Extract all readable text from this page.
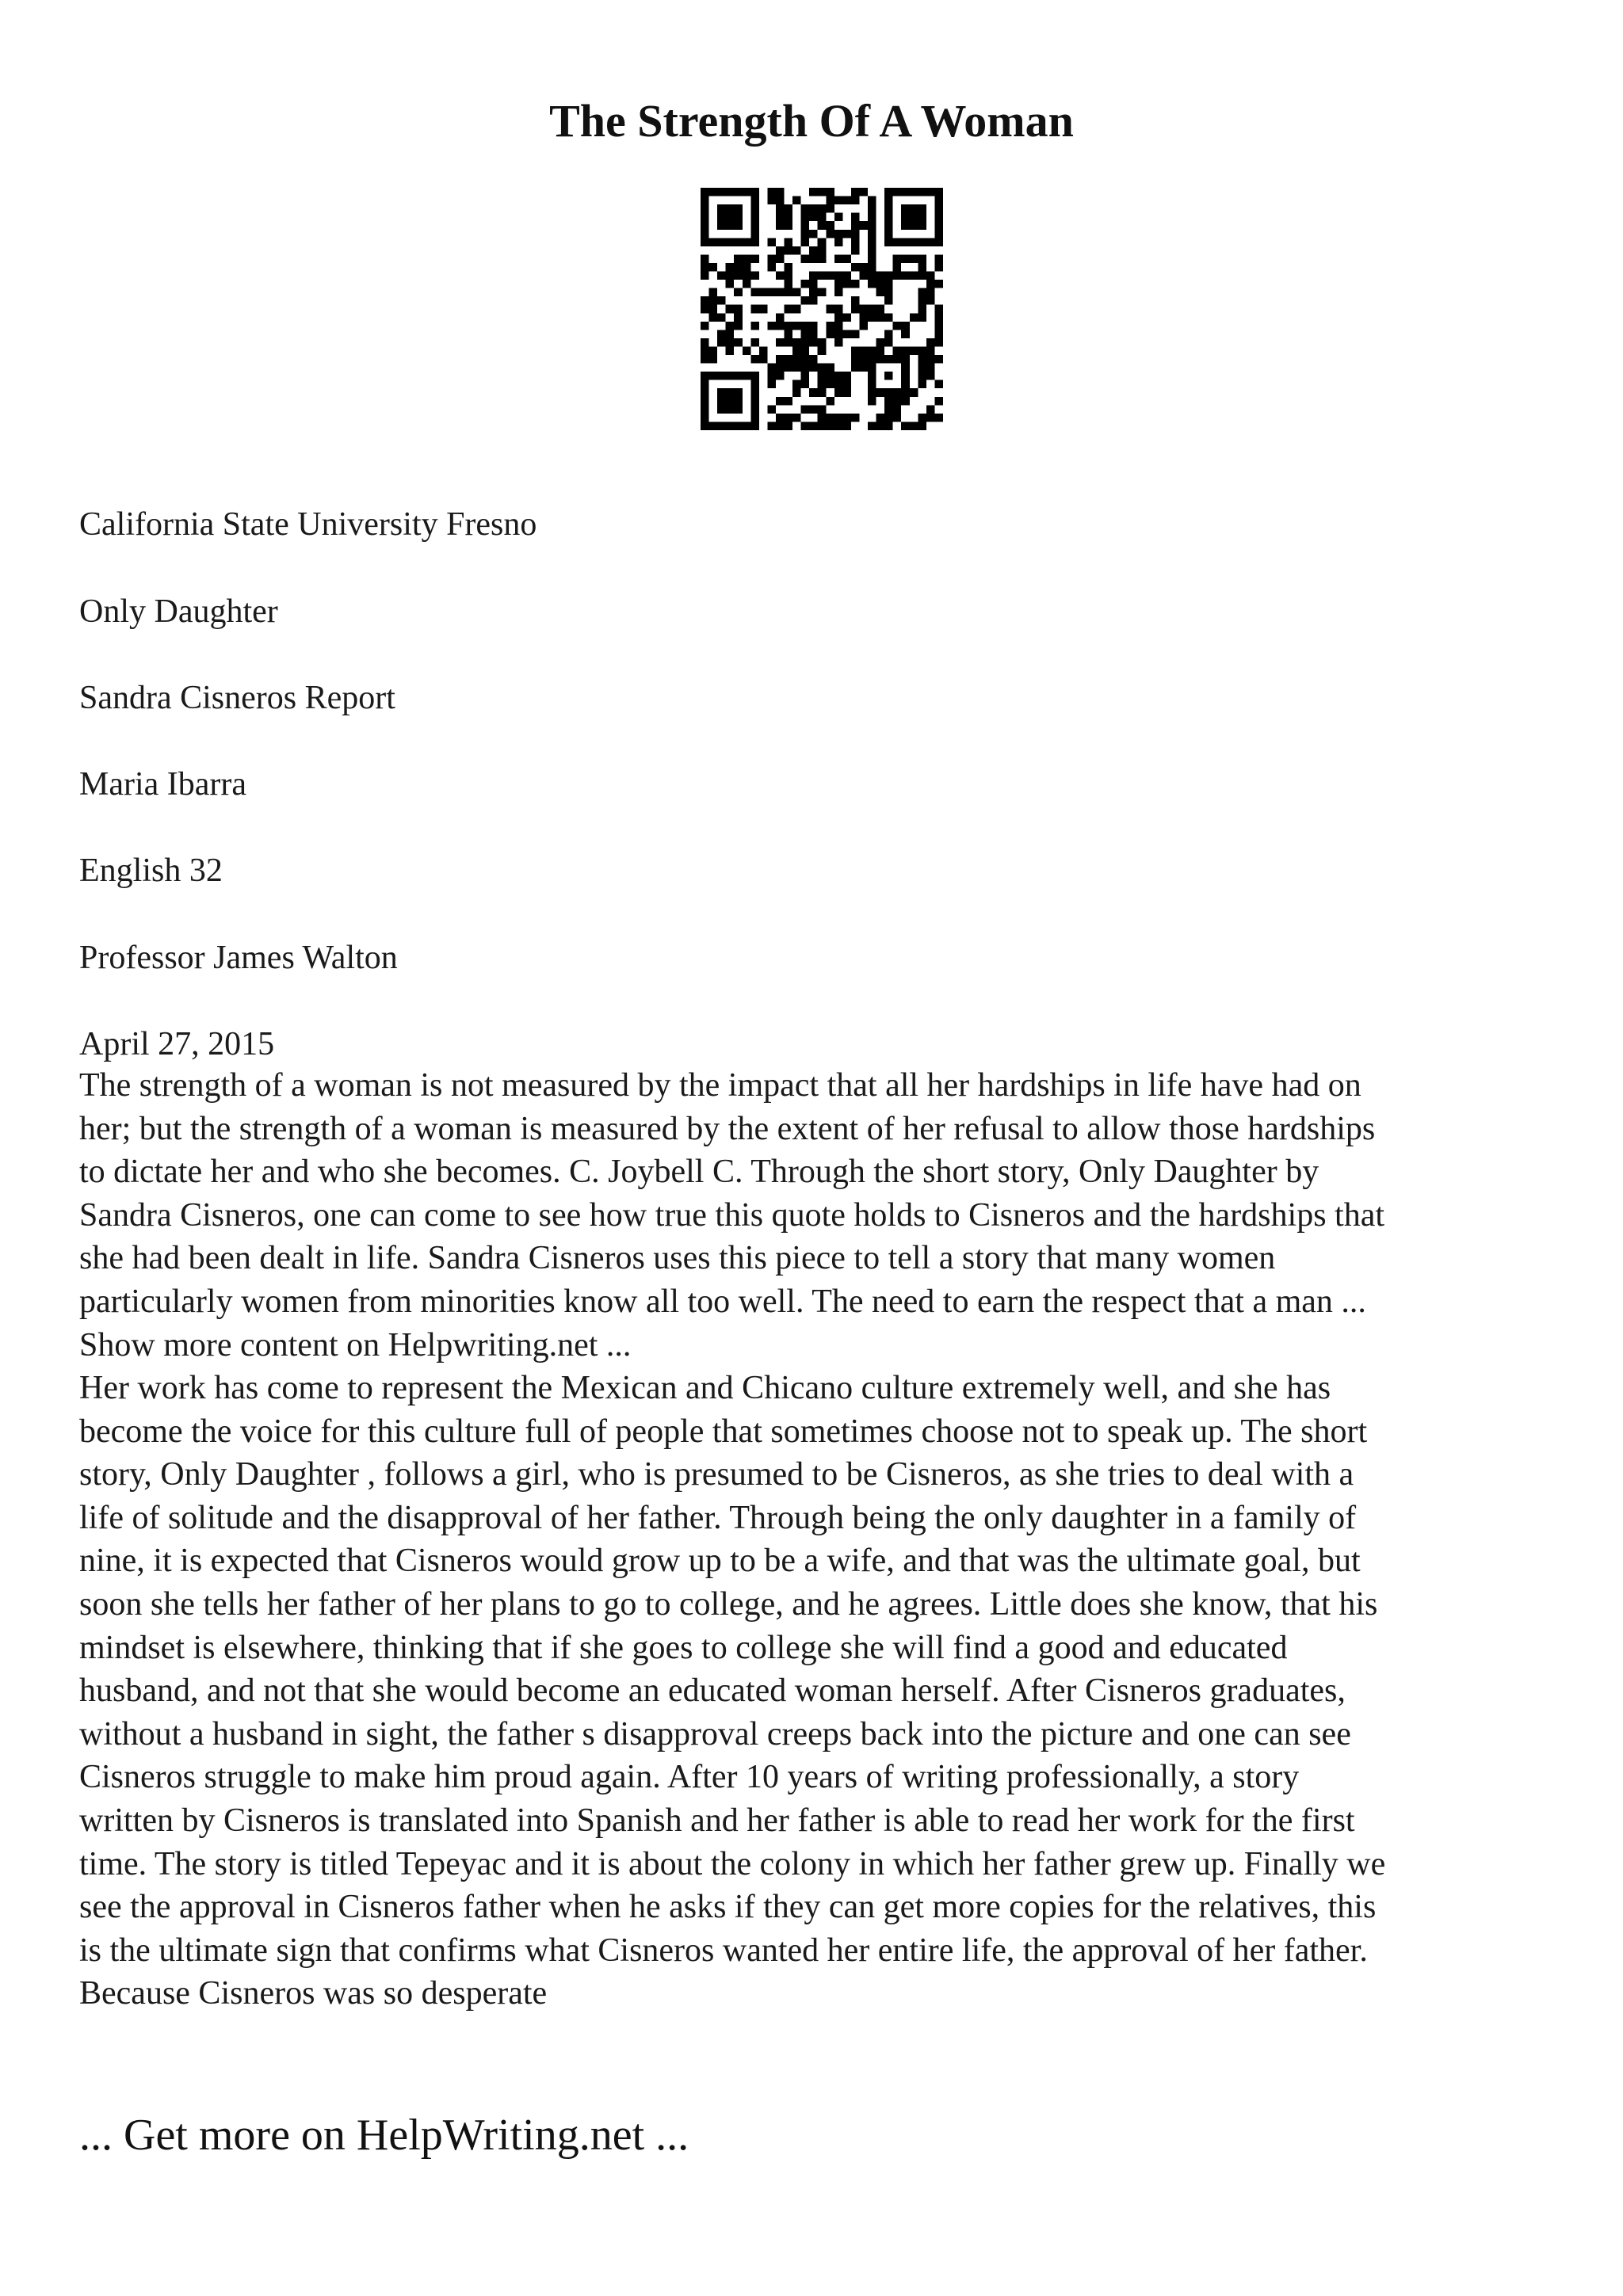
The Strength Of A Woman

California State University Fresno

Only Daughter

Sandra Cisneros Report

Maria Ibarra

English 32

Professor James Walton

April 27, 2015

The strength of a woman is not measured by the impact that all her hardships in life have had on
her; but the strength of a woman is measured by the extent of her refusal to allow those hardships
to dictate her and who she becomes. C. Joybell C. Through the short story, Only Daughter by
Sandra Cisneros, one can come to see how true this quote holds to Cisneros and the hardships that
she had been dealt in life. Sandra Cisneros uses this piece to tell a story that many women
particularly women from minorities know all too well. The need to earn the respect that a man ...
Show more content on Helpwriting.net ...
Her work has come to represent the Mexican and Chicano culture extremely well, and she has
become the voice for this culture full of people that sometimes choose not to speak up. The short
story, Only Daughter , follows a girl, who is presumed to be Cisneros, as she tries to deal with a
life of solitude and the disapproval of her father. Through being the only daughter in a family of
nine, it is expected that Cisneros would grow up to be a wife, and that was the ultimate goal, but
soon she tells her father of her plans to go to college, and he agrees. Little does she know, that his
mindset is elsewhere, thinking that if she goes to college she will find a good and educated
husband, and not that she would become an educated woman herself. After Cisneros graduates,
without a husband in sight, the father s disapproval creeps back into the picture and one can see
Cisneros struggle to make him proud again. After 10 years of writing professionally, a story
written by Cisneros is translated into Spanish and her father is able to read her work for the first
time. The story is titled Tepeyac and it is about the colony in which her father grew up. Finally we
see the approval in Cisneros father when he asks if they can get more copies for the relatives, this
is the ultimate sign that confirms what Cisneros wanted her entire life, the approval of her father.
Because Cisneros was so desperate

... Get more on HelpWriting.net ...
